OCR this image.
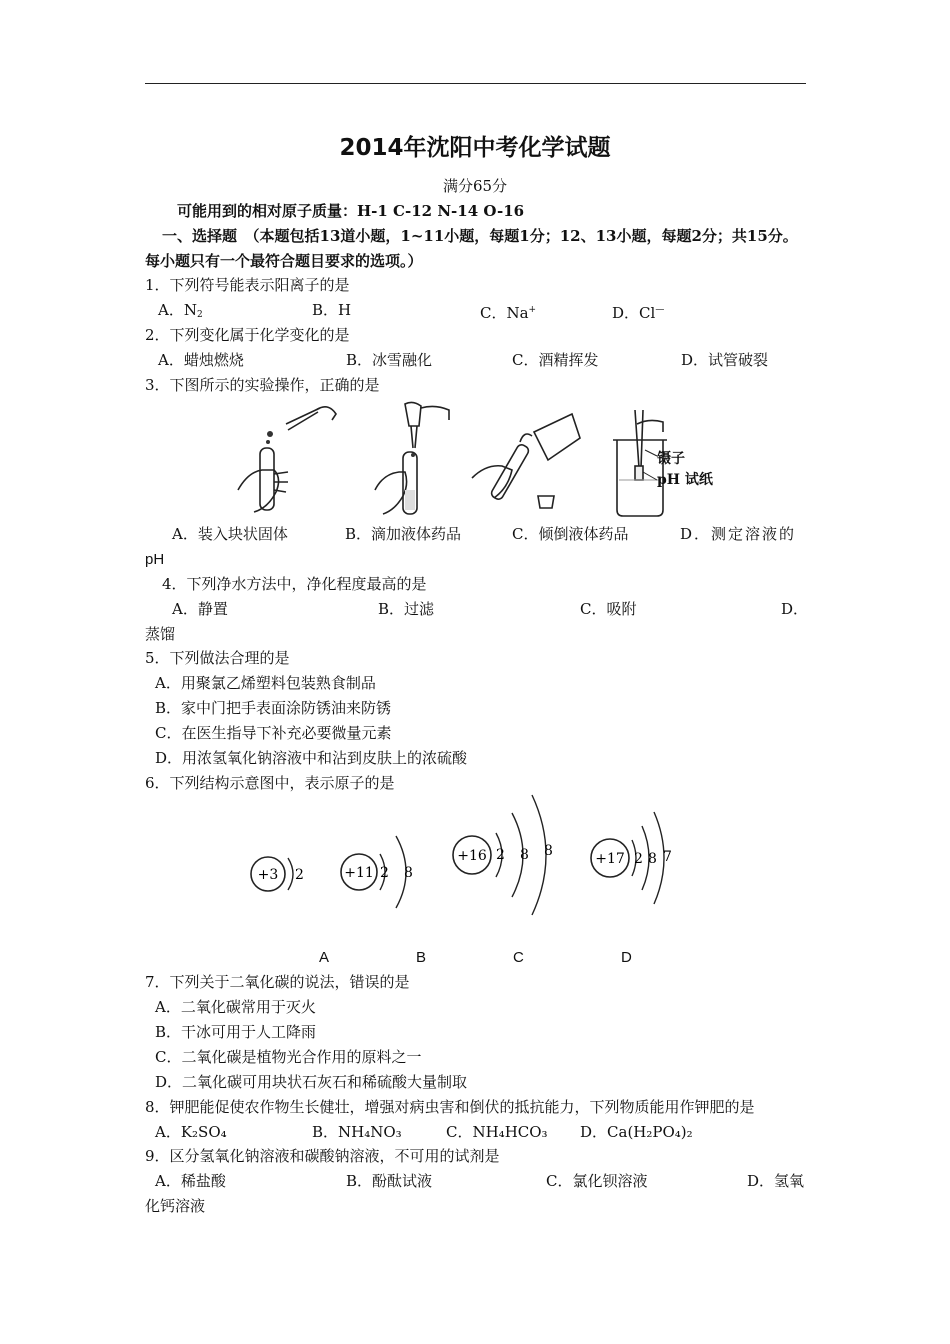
2014年沈阳中考化学试题
满分65分
可能用到的相对原子质量：H-1 C-12 N-14 O-16
一、选择题　（本题包括13道小题，1~11小题，每题1分；12、13小题，每题2分；共15分。
每小题只有一个最符合题目要求的选项。）
1．下列符号能表示阳离子的是
A．$N_2$	B．H	C．Na+	D．Cl—
2．下列变化属于化学变化的是
A．蜡烛燃烧	B．冰雪融化	C．酒精挥发	D．试管破裂
3．下图所示的实验操作，正确的是
镊子
pH 试纸
A．装入块状固体	B．滴加液体药品	C．倾倒液体药品	D．测定溶液的
pH
4．下列净水方法中，净化程度最高的是
A．静置	B．过滤	C．吸附	D．
蒸馏
5．下列做法合理的是
A．用聚氯乙烯塑料包装熟食制品
B．家中门把手表面涂防锈油来防锈
C．在医生指导下补充必要微量元素
D．用浓氢氧化钠溶液中和沾到皮肤上的浓硫酸
6．下列结构示意图中，表示原子的是
+3 2	+11 2 8
+16 2 8 8	+17 2 8 7
A	B	C	D
7．下列关于二氧化碳的说法，错误的是
A．二氧化碳常用于灭火
B．干冰可用于人工降雨
C．二氧化碳是植物光合作用的原料之一
D．二氧化碳可用块状石灰石和稀硫酸大量制取
8．钾肥能促使农作物生长健壮，增强对病虫害和倒伏的抵抗能力，下列物质能用作钾肥的是
A．K₂SO₄	B．NH₄NO₃	C．NH₄HCO₃ D．Ca(H₂PO₄)₂
9．区分氢氧化钠溶液和碳酸钠溶液，不可用的试剂是
A．稀盐酸	B．酚酞试液	C．氯化钡溶液	D．氢氧
化钙溶液
